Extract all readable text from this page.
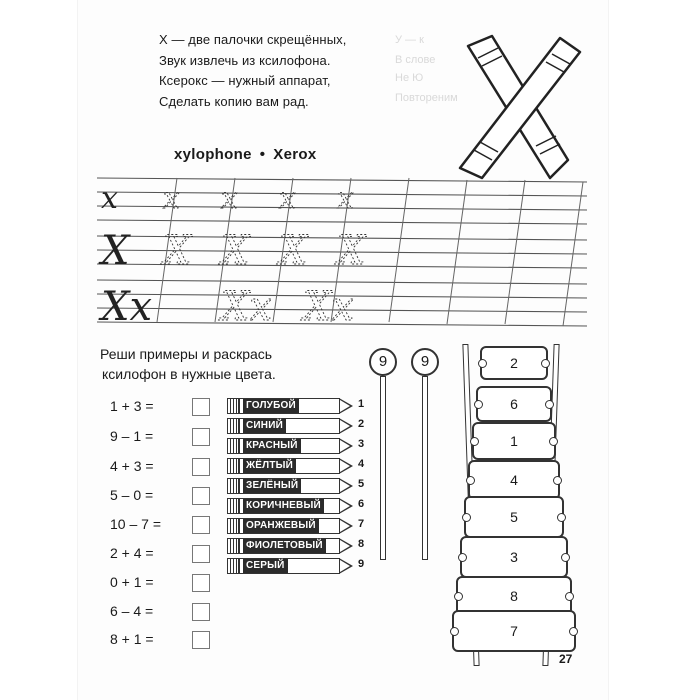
У — к
В слове
Не Ю
Повтореним
Х — две палочки скрещённых,
Звук извлечь из ксилофона.
Ксерокс — нужный аппарат,
Сделать копию вам рад.
xylophone • Xerox
x
X
Xx
x x x x
X X X X
Xx Xx
Реши примеры и раскрась
ксилофон в нужные цвета.
1 + 3 =
9 – 1 =
4 + 3 =
5 – 0 =
10 – 7 =
2 + 4 =
0 + 1 =
6 – 4 =
8 + 1 =
ГОЛУБОЙ	1
СИНИЙ	2
КРАСНЫЙ	3
ЖЁЛТЫЙ	4
ЗЕЛЁНЫЙ	5
КОРИЧНЕВЫЙ	6
ОРАНЖЕВЫЙ	7
ФИОЛЕТОВЫЙ	8
СЕРЫЙ	9
9	9	2
6
1
4
5
3
8
7
27
